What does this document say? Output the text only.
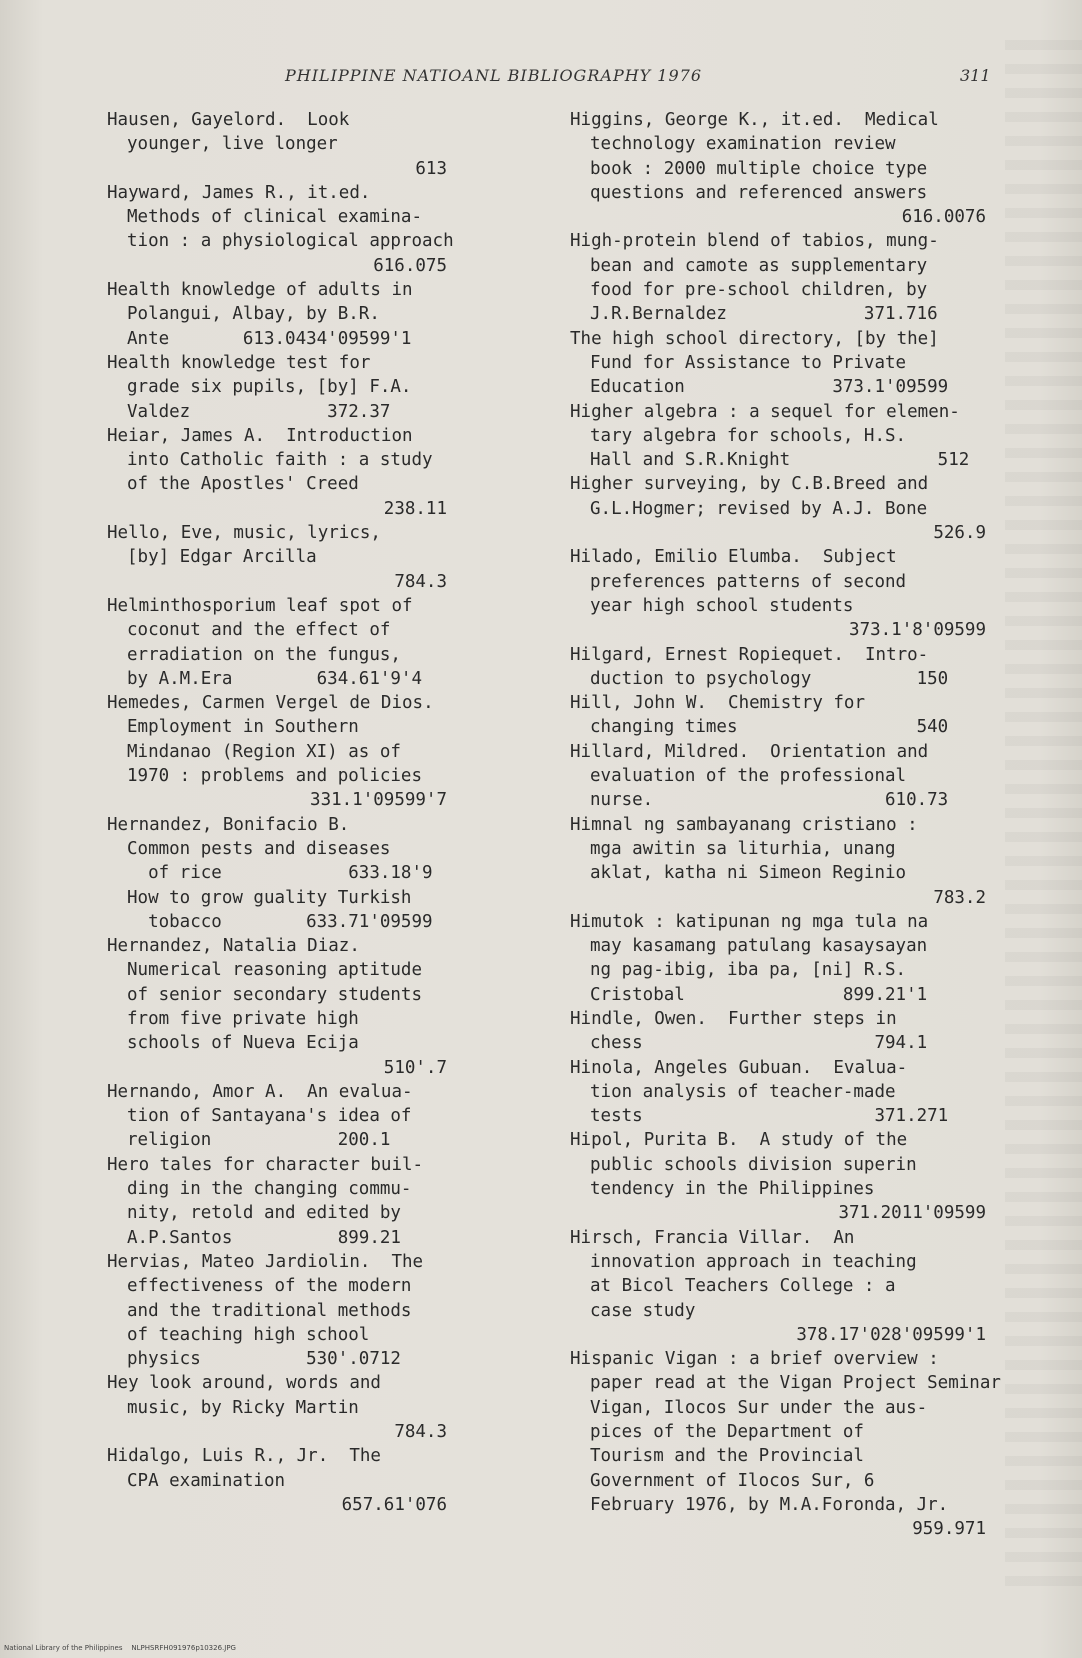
PHILIPPINE NATIOANL BIBLIOGRAPHY 1976	311
Hausen, Gayelord.  Look
younger, live longer
613
Hayward, James R., it.ed.
Methods of clinical examina-
tion : a physiological approach
616.075
Health knowledge of adults in
Polangui, Albay, by B.R.
Ante       613.0434'09599'1
Health knowledge test for
grade six pupils, [by] F.A.
Valdez             372.37
Heiar, James A.  Introduction
into Catholic faith : a study
of the Apostles' Creed
238.11
Hello, Eve, music, lyrics,
[by] Edgar Arcilla
784.3
Helminthosporium leaf spot of
coconut and the effect of
erradiation on the fungus,
by A.M.Era        634.61'9'4
Hemedes, Carmen Vergel de Dios.
Employment in Southern
Mindanao (Region XI) as of
1970 : problems and policies
331.1'09599'7
Hernandez, Bonifacio B.
Common pests and diseases
of rice            633.18'9
How to grow guality Turkish
tobacco        633.71'09599
Hernandez, Natalia Diaz.
Numerical reasoning aptitude
of senior secondary students
from five private high
schools of Nueva Ecija
510'.7
Hernando, Amor A.  An evalua-
tion of Santayana's idea of
religion            200.1
Hero tales for character buil-
ding in the changing commu-
nity, retold and edited by
A.P.Santos          899.21
Hervias, Mateo Jardiolin.  The
effectiveness of the modern
and the traditional methods
of teaching high school
physics          530'.0712
Hey look around, words and
music, by Ricky Martin
784.3
Hidalgo, Luis R., Jr.  The
CPA examination
657.61'076
Higgins, George K., it.ed.  Medical
technology examination review
book : 2000 multiple choice type
questions and referenced answers
616.0076
High-protein blend of tabios, mung-
bean and camote as supplementary
food for pre-school children, by
J.R.Bernaldez             371.716
The high school directory, [by the]
Fund for Assistance to Private
Education              373.1'09599
Higher algebra : a sequel for elemen-
tary algebra for schools, H.S.
Hall and S.R.Knight              512
Higher surveying, by C.B.Breed and
G.L.Hogmer; revised by A.J. Bone
526.9
Hilado, Emilio Elumba.  Subject
preferences patterns of second
year high school students
373.1'8'09599
Hilgard, Ernest Ropiequet.  Intro-
duction to psychology          150
Hill, John W.  Chemistry for
changing times                 540
Hillard, Mildred.  Orientation and
evaluation of the professional
nurse.                      610.73
Himnal ng sambayanang cristiano :
mga awitin sa liturhia, unang
aklat, katha ni Simeon Reginio
783.2
Himutok : katipunan ng mga tula na
may kasamang patulang kasaysayan
ng pag-ibig, iba pa, [ni] R.S.
Cristobal               899.21'1
Hindle, Owen.  Further steps in
chess                      794.1
Hinola, Angeles Gubuan.  Evalua-
tion analysis of teacher-made
tests                      371.271
Hipol, Purita B.  A study of the
public schools division superin
tendency in the Philippines
371.2011'09599
Hirsch, Francia Villar.  An
innovation approach in teaching
at Bicol Teachers College : a
case study
378.17'028'09599'1
Hispanic Vigan : a brief overview :
paper read at the Vigan Project Seminar
Vigan, Ilocos Sur under the aus-
pices of the Department of
Tourism and the Provincial
Government of Ilocos Sur, 6
February 1976, by M.A.Foronda, Jr.
959.971
National Library of the Philippines    NLPHSRFH091976p10326.JPG
